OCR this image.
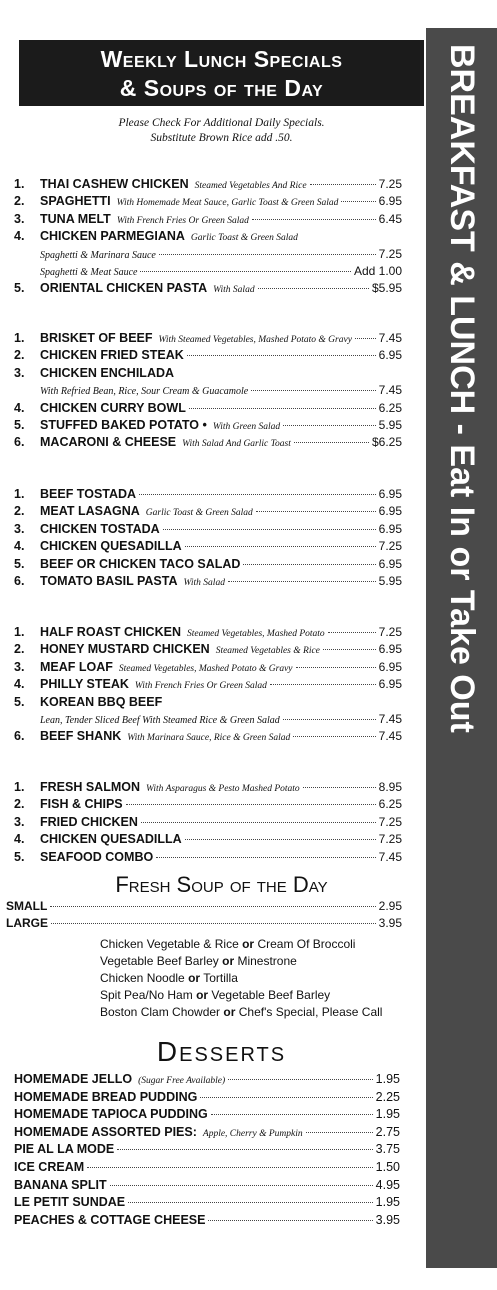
Weekly Lunch Specials
& Soups of the Day
Please Check For Additional Daily Specials.
Substitute Brown Rice add .50.	BREAKFAST & LUNCH - Eat In or Take Out
1.	THAI CASHEW CHICKEN Steamed Vegetables And Rice	7.25
2.	SPAGHETTI With Homemade Meat Sauce, Garlic Toast & Green Salad	6.95
3.	TUNA MELT With French Fries Or Green Salad	6.45
4.	CHICKEN PARMEGIANA Garlic Toast & Green Salad
Spaghetti & Marinara Sauce	7.25
Spaghetti & Meat Sauce	Add 1.00
5.	ORIENTAL CHICKEN PASTA With Salad	$5.95
1.	BRISKET OF BEEF With Steamed Vegetables, Mashed Potato & Gravy 7.45
2.	CHICKEN FRIED STEAK	6.95
3.	CHICKEN ENCHILADA
With Refried Bean, Rice, Sour Cream & Guacamole	7.45
4.	CHICKEN CURRY BOWL	6.25
5.	STUFFED BAKED POTATO • With Green Salad	5.95
6.	MACARONI & CHEESE With Salad And Garlic Toast	$6.25
1.	BEEF TOSTADA	6.95
2.	MEAT LASAGNA Garlic Toast & Green Salad	6.95
3.	CHICKEN TOSTADA	6.95
4.	CHICKEN QUESADILLA	7.25
5.	BEEF OR CHICKEN TACO SALAD	6.95
6.	TOMATO BASIL PASTA With Salad	5.95
1.	HALF ROAST CHICKEN Steamed Vegetables, Mashed Potato	7.25
2.	HONEY MUSTARD CHICKEN Steamed Vegetables & Rice	6.95
3.	MEAF LOAF Steamed Vegetables, Mashed Potato & Gravy	6.95
4.	PHILLY STEAK With French Fries Or Green Salad	6.95
5.	KOREAN BBQ BEEF
Lean, Tender Sliced Beef With Steamed Rice & Green Salad	7.45
6.	BEEF SHANK With Marinara Sauce, Rice & Green Salad	7.45
1.	FRESH SALMON With Asparagus & Pesto Mashed Potato	8.95
2.	FISH & CHIPS	6.25
3.	FRIED CHICKEN	7.25
4.	CHICKEN QUESADILLA	7.25
5.	SEAFOOD COMBO	7.45
Fresh Soup of the Day
SMALL	2.95
LARGE	3.95
Chicken Vegetable & Rice or Cream Of Broccoli
Vegetable Beef Barley or Minestrone
Chicken Noodle or Tortilla
Spit Pea/No Ham or Vegetable Beef Barley
Boston Clam Chowder or Chef's Special, Please Call
Desserts
HOMEMADE JELLO (Sugar Free Available)	1.95
HOMEMADE BREAD PUDDING	2.25
HOMEMADE TAPIOCA PUDDING	1.95
HOMEMADE ASSORTED PIES: Apple, Cherry & Pumpkin	2.75
PIE AL LA MODE	3.75
ICE CREAM	1.50
BANANA SPLIT	4.95
LE PETIT SUNDAE	1.95
PEACHES & COTTAGE CHEESE	3.95
